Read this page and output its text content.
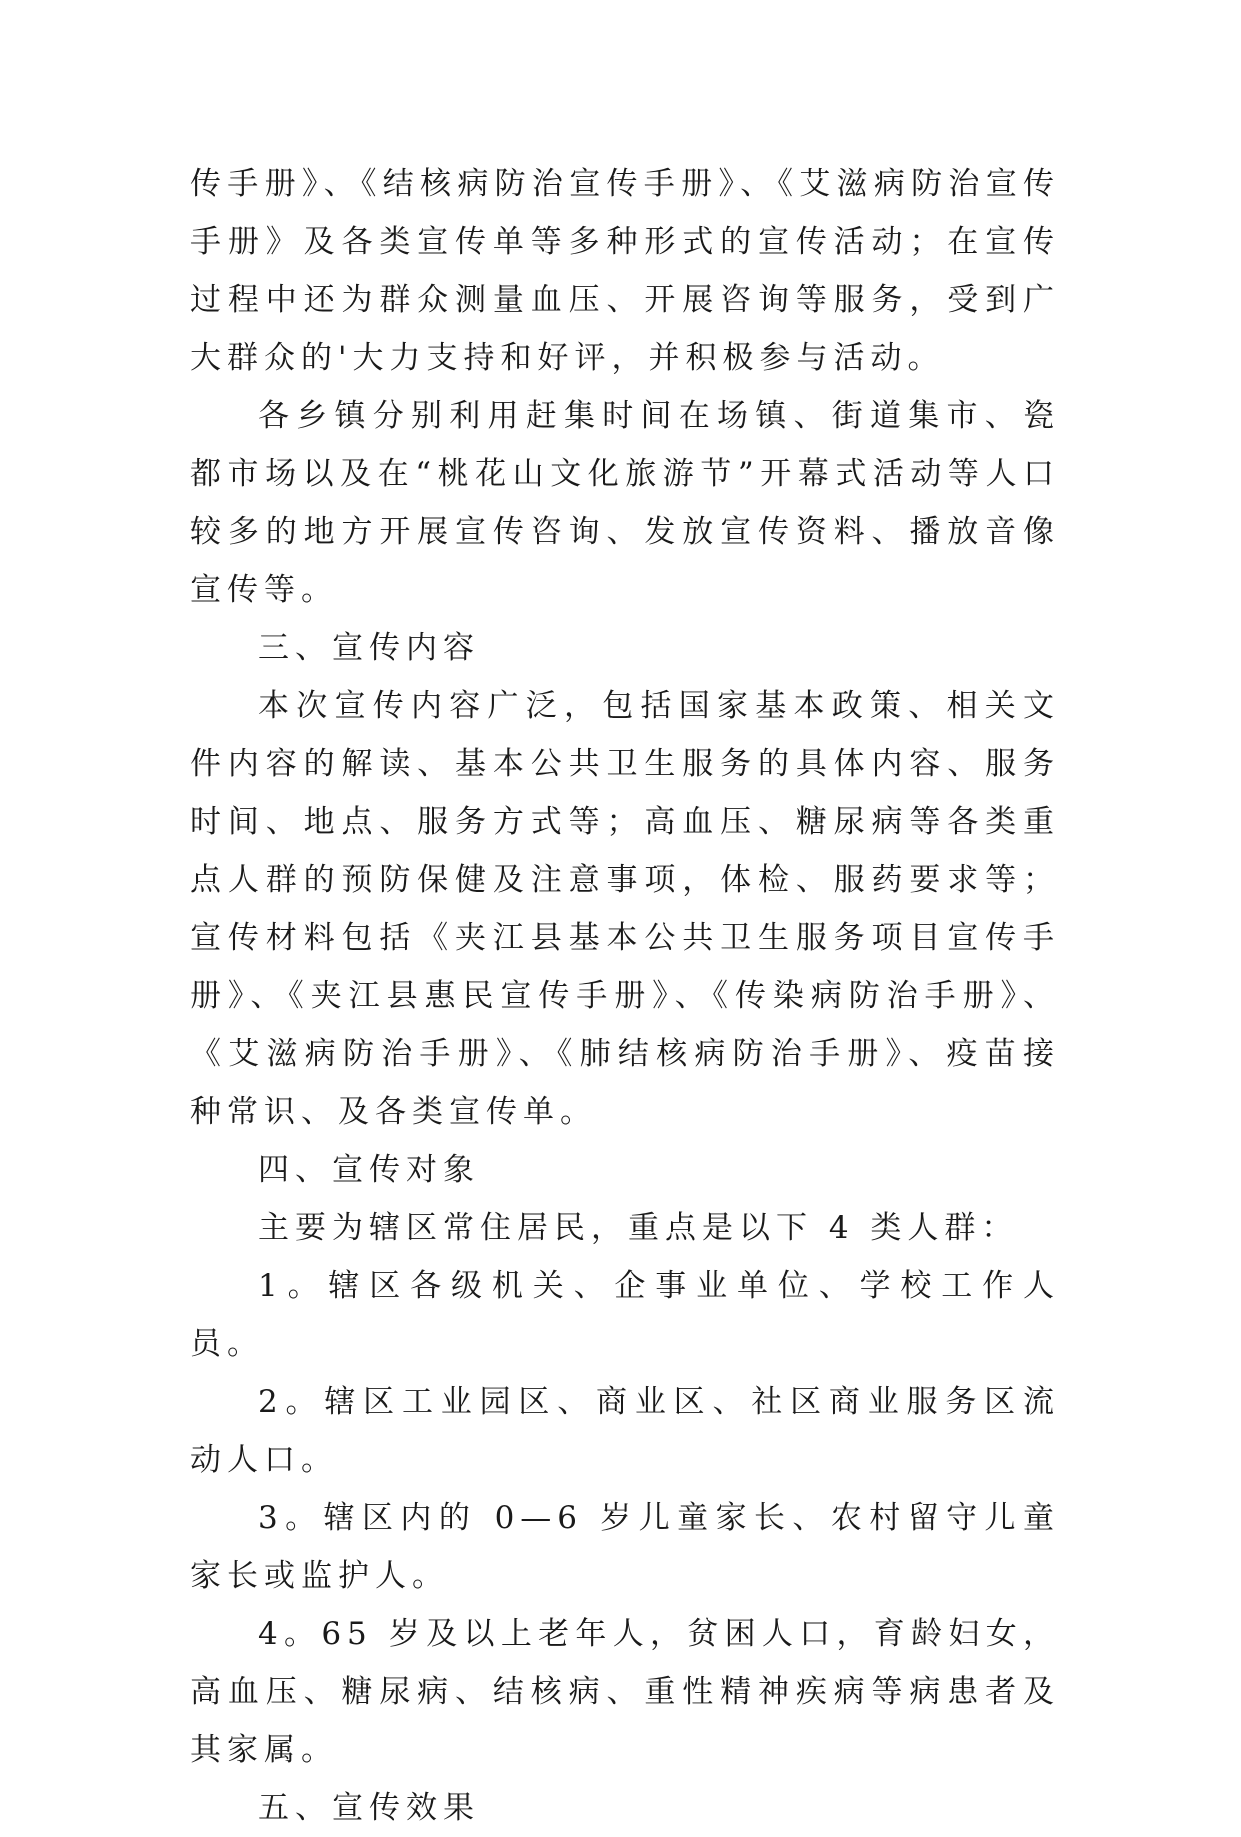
传手册》、《结核病防治宣传手册》、《艾滋病防治宣传手册》及各类宣传单等多种形式的宣传活动；在宣传过程中还为群众测量血压、开展咨询等服务，受到广大群众的'大力支持和好评，并积极参与活动。

各乡镇分别利用赶集时间在场镇、街道集市、瓷都市场以及在“桃花山文化旅游节”开幕式活动等人口较多的地方开展宣传咨询、发放宣传资料、播放音像宣传等。

三、宣传内容

本次宣传内容广泛，包括国家基本政策、相关文件内容的解读、基本公共卫生服务的具体内容、服务时间、地点、服务方式等；高血压、糖尿病等各类重点人群的预防保健及注意事项，体检、服药要求等；宣传材料包括《夹江县基本公共卫生服务项目宣传手册》、《夹江县惠民宣传手册》、《传染病防治手册》、《艾滋病防治手册》、《肺结核病防治手册》、疫苗接种常识、及各类宣传单。

四、宣传对象

主要为辖区常住居民，重点是以下 4 类人群：

1。辖区各级机关、企事业单位、学校工作人员。

2。辖区工业园区、商业区、社区商业服务区流动人口。

3。辖区内的 0—6 岁儿童家长、农村留守儿童家长或监护人。

4。65 岁及以上老年人，贫困人口，育龄妇女，高血压、糖尿病、结核病、重性精神疾病等病患者及其家属。

五、宣传效果
